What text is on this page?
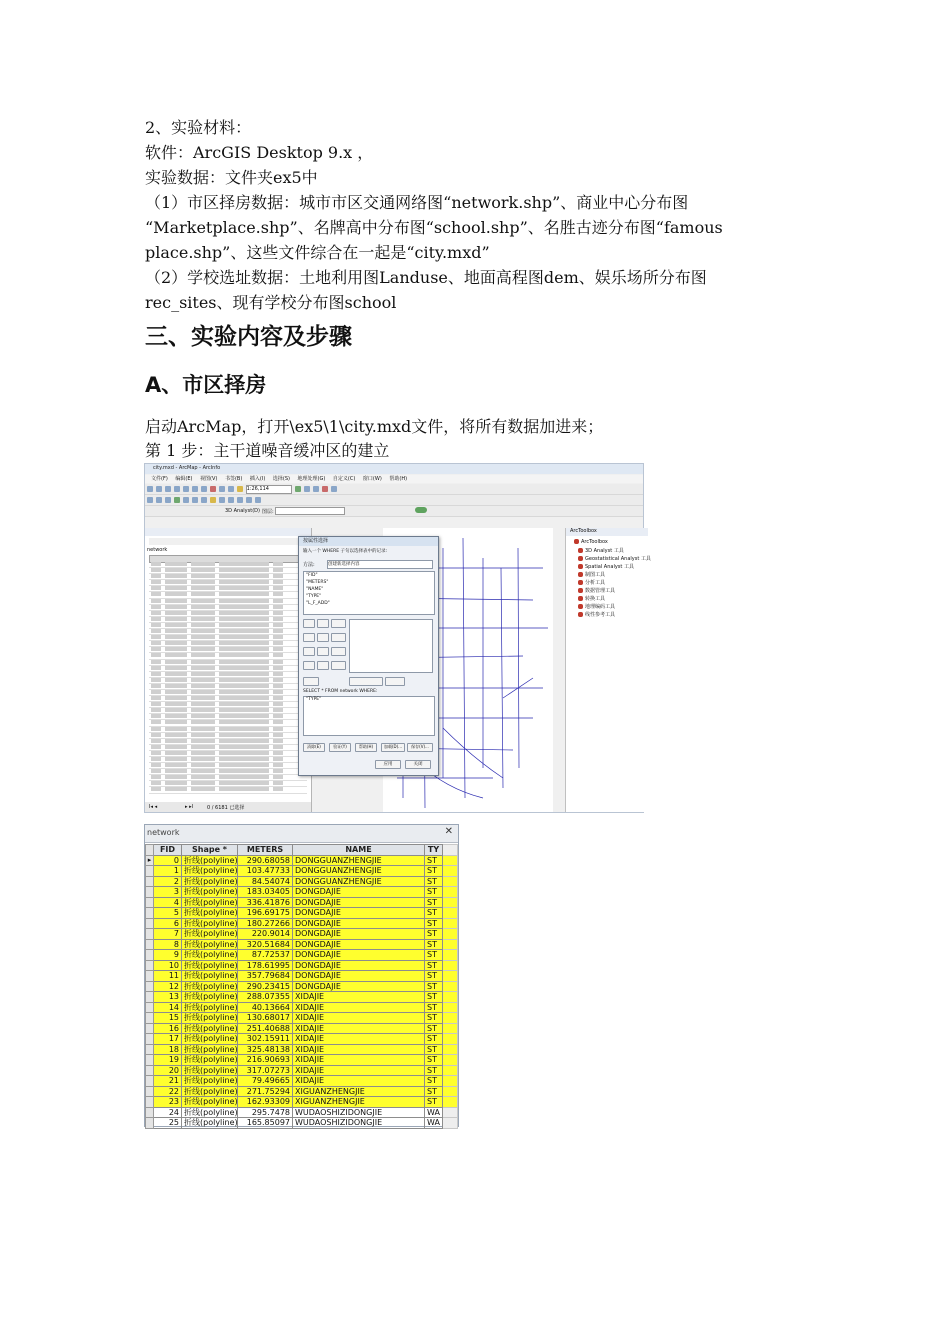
2、实验材料：
软件：ArcGIS Desktop 9.x ，
实验数据：文件夹ex5中
（1）市区择房数据：城市市区交通网络图“network.shp”、商业中心分布图
“Marketplace.shp”、名牌高中分布图“school.shp”、名胜古迹分布图“famous
place.shp”、这些文件综合在一起是“city.mxd”
（2）学校选址数据：土地利用图Landuse、地面高程图dem、娱乐场所分布图
rec_sites、现有学校分布图school
三、实验内容及步骤
A、市区择房
启动ArcMap，打开\ex5\1\city.mxd文件，将所有数据加进来；
第 1 步：主干道噪音缓冲区的建立
city.mxd - ArcMap - ArcInfo
文件(F) 编辑(E) 视图(V) 书签(B) 插入(I) 选择(S) 地理处理(G) 自定义(C) 窗口(W) 帮助(H)
1:26,114
3D Analyst(D) 图层:
network
I◂ ◂	▸ ▸I	0 / 6181 已选择
ArcToolbox
ArcToolbox
3D Analyst 工具
Geostatistical Analyst 工具
Spatial Analyst 工具
制图工具
分析工具
数据管理工具
转换工具
地理编码工具
线性参考工具
按属性选择
输入一个 WHERE 子句以选择表中的记录:
方法:	创建新选择内容
"FID"
"METERS"
"NAME"
"TYPE"
"L_F_ADD"
SELECT * FROM network WHERE:
"TYPE"
清除(E)	验证(Y)	帮助(H)	加载(D)...	保存(V)...
应用	关闭
network	✕
	FID	Shape *	METERS	NAME	TY	
▸	0	折线(polyline)	290.68058	DONGGUANZHENGJIE	ST	
	1	折线(polyline)	103.47733	DONGGUANZHENGJIE	ST	
	2	折线(polyline)	84.54074	DONGGUANZHENGJIE	ST	
	3	折线(polyline)	183.03405	DONGDAJIE	ST	
	4	折线(polyline)	336.41876	DONGDAJIE	ST	
	5	折线(polyline)	196.69175	DONGDAJIE	ST	
	6	折线(polyline)	180.27266	DONGDAJIE	ST	
	7	折线(polyline)	220.9014	DONGDAJIE	ST	
	8	折线(polyline)	320.51684	DONGDAJIE	ST	
	9	折线(polyline)	87.72537	DONGDAJIE	ST	
	10	折线(polyline)	178.61995	DONGDAJIE	ST	
	11	折线(polyline)	357.79684	DONGDAJIE	ST	
	12	折线(polyline)	290.23415	DONGDAJIE	ST	
	13	折线(polyline)	288.07355	XIDAJIE	ST	
	14	折线(polyline)	40.13664	XIDAJIE	ST	
	15	折线(polyline)	130.68017	XIDAJIE	ST	
	16	折线(polyline)	251.40688	XIDAJIE	ST	
	17	折线(polyline)	302.15911	XIDAJIE	ST	
	18	折线(polyline)	325.48138	XIDAJIE	ST	
	19	折线(polyline)	216.90693	XIDAJIE	ST	
	20	折线(polyline)	317.07273	XIDAJIE	ST	
	21	折线(polyline)	79.49665	XIDAJIE	ST	
	22	折线(polyline)	271.75294	XIGUANZHENGJIE	ST	
	23	折线(polyline)	162.93309	XIGUANZHENGJIE	ST	
	24	折线(polyline)	295.7478	WUDAOSHIZIDONGJIE	WA	
	25	折线(polyline)	165.85097	WUDAOSHIZIDONGJIE	WA	
